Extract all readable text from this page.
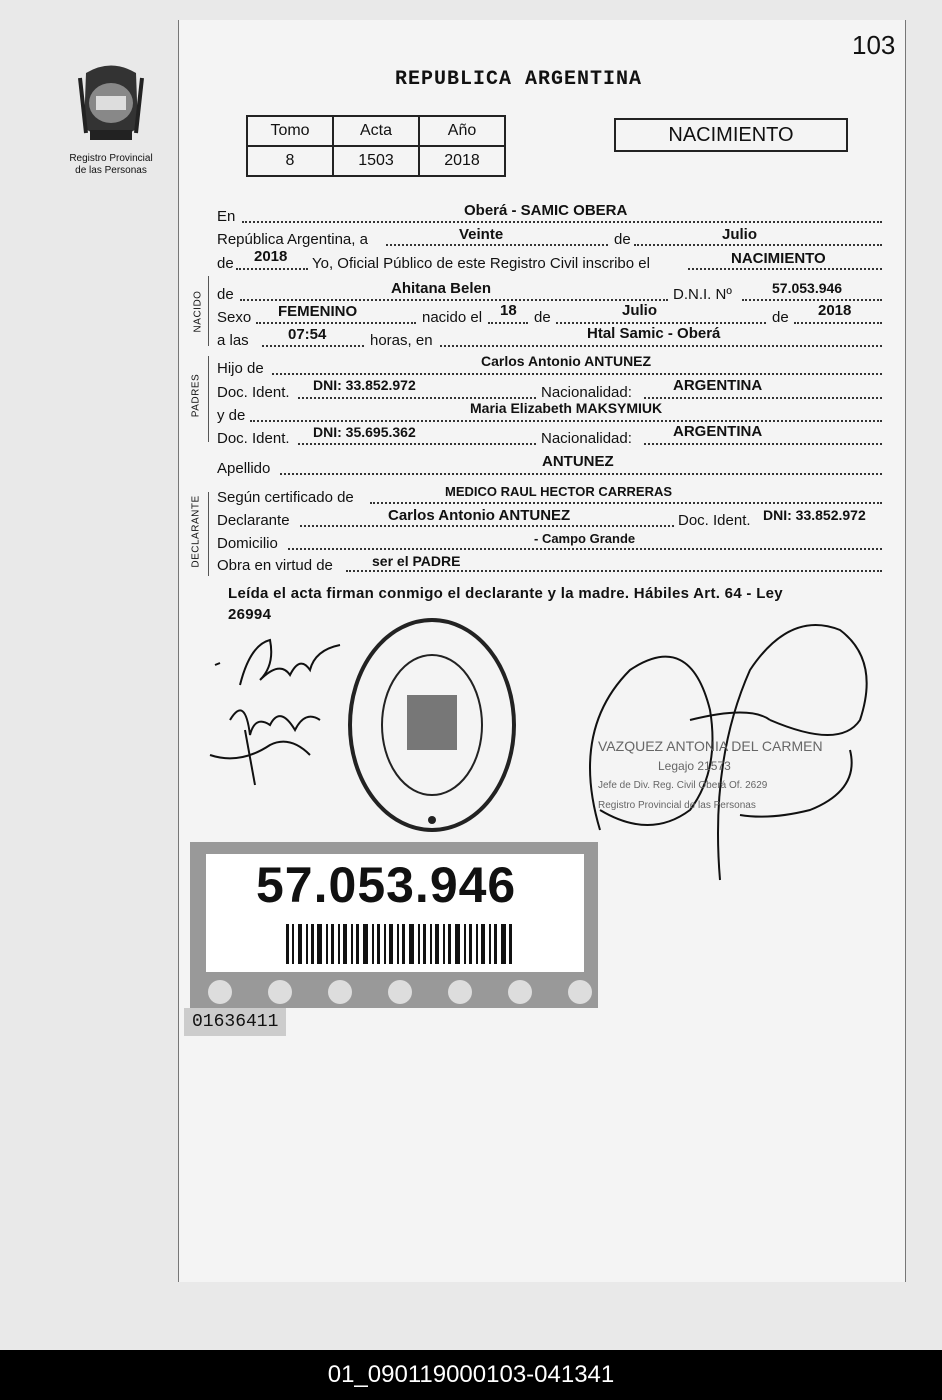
103
Registro Provincial
de las Personas
REPUBLICA ARGENTINA
Tomo	Acta	Año
8	1503	2018
NACIMIENTO
En	Oberá - SAMIC OBERA
República Argentina, a	Veinte	de	Julio
de 2018 Yo, Oficial Público de este Registro Civil inscribo el	NACIMIENTO
NACIDO de	Ahitana Belen	D.N.I. Nº	57.053.946
Sexo FEMENINO	nacido el 18 de	Julio	de 2018
a las	07:54	horas, en	Htal Samic - Oberá
PADRES
Hijo de	Carlos Antonio ANTUNEZ
Doc. Ident. DNI: 33.852.972	Nacionalidad:	ARGENTINA
y de	Maria Elizabeth MAKSYMIUK
Doc. Ident. DNI: 35.695.362	Nacionalidad:	ARGENTINA
Apellido	ANTUNEZ
DECLARANTE Según certificado de	MEDICO RAUL HECTOR CARRERAS
Declarante	Carlos Antonio ANTUNEZ	Doc. Ident. DNI: 33.852.972
Domicilio	- Campo Grande
Obra en virtud de	ser el PADRE
Leída el acta firman conmigo el declarante y la madre. Hábiles Art. 64 - Ley
26994
VAZQUEZ ANTONIA DEL CARMEN
Legajo 21573
Jefe de Div. Reg. Civil Oberá Of. 2629
Registro Provincial de las Personas
57.053.946
01636411
01_090119000103-041341
